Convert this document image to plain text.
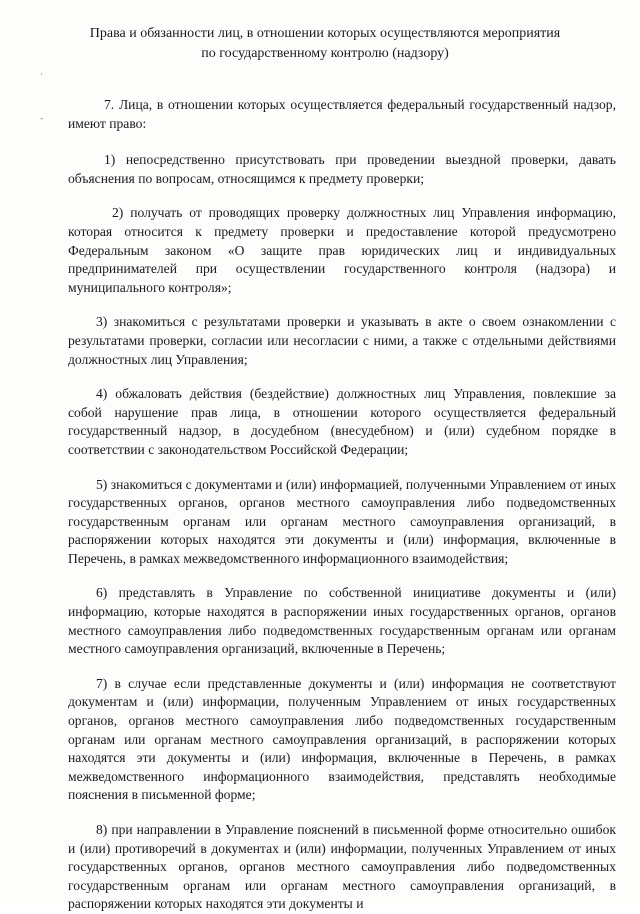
·
-
Права и обязанности лиц, в отношении которых осуществляются мероприятия
по государственному контролю (надзору)

7. Лица, в отношении которых осуществляется федеральный государственный надзор, имеют право:

1) непосредственно присутствовать при проведении выездной проверки, давать объяснения по вопросам, относящимся к предмету проверки;

2) получать от проводящих проверку должностных лиц Управления информацию, которая относится к предмету проверки и предоставление которой предусмотрено Федеральным законом «О защите прав юридических лиц и индивидуальных предпринимателей при осуществлении государственного контроля (надзора) и муниципального контроля»;

3) знакомиться с результатами проверки и указывать в акте о своем ознакомлении с результатами проверки, согласии или несогласии с ними, а также с отдельными действиями должностных лиц Управления;

4) обжаловать действия (бездействие) должностных лиц Управления, повлекшие за собой нарушение прав лица, в отношении которого осуществляется федеральный государственный надзор, в досудебном (внесудебном) и (или) судебном порядке в соответствии с законодательством Российской Федерации;

5) знакомиться с документами и (или) информацией, полученными Управлением от иных государственных органов, органов местного самоуправления либо подведомственных государственным органам или органам местного самоуправления организаций, в распоряжении которых находятся эти документы и (или) информация, включенные в Перечень, в рамках межведомственного информационного взаимодействия;

6) представлять в Управление по собственной инициативе документы и (или) информацию, которые находятся в распоряжении иных государственных органов, органов местного самоуправления либо подведомственных государственным органам или органам местного самоуправления организаций, включенные в Перечень;

7) в случае если представленные документы и (или) информация не соответствуют документам и (или) информации, полученным Управлением от иных государственных органов, органов местного самоуправления либо подведомственных государственным органам или органам местного самоуправления организаций, в распоряжении которых находятся эти документы и (или) информация, включенные в Перечень, в рамках межведомственного информационного взаимодействия, представлять необходимые пояснения в письменной форме;

8) при направлении в Управление пояснений в письменной форме относительно ошибок и (или) противоречий в документах и (или) информации, полученных Управлением от иных государственных органов, органов местного самоуправления либо подведомственных государственным органам или органам местного самоуправления организаций, в распоряжении которых находятся эти документы и
